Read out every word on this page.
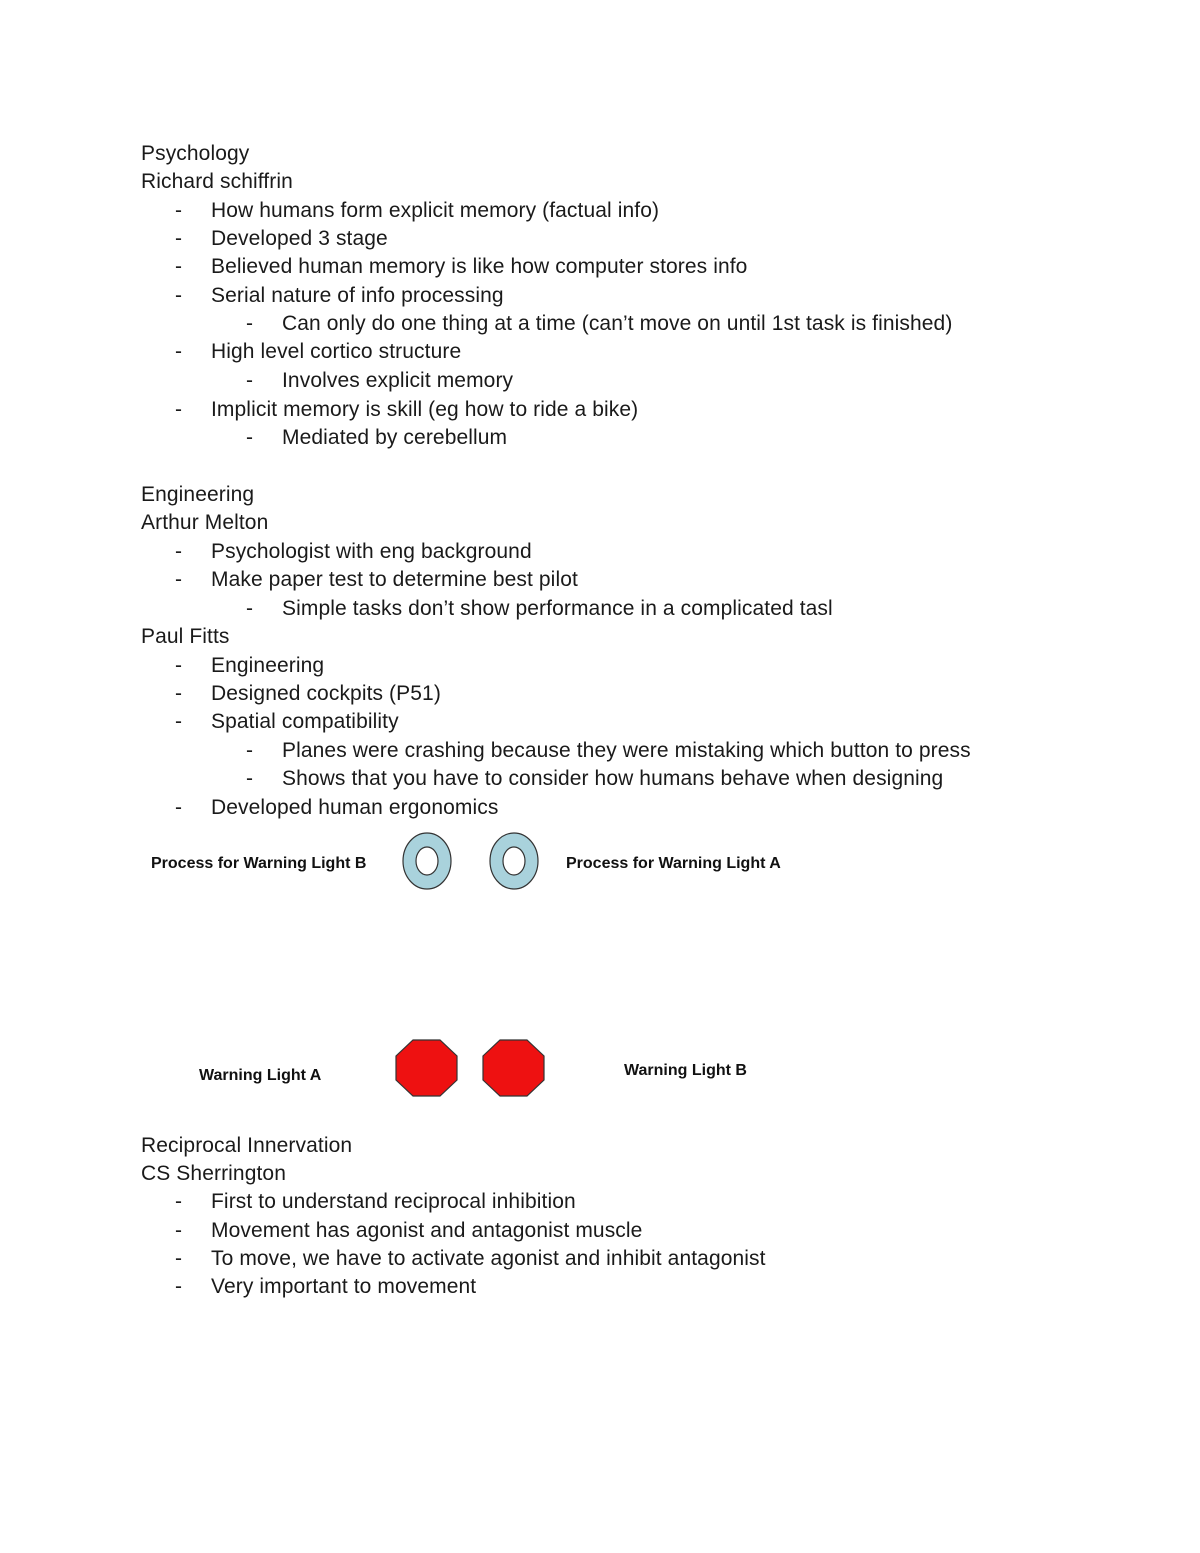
Psychology
Richard schiffrin
- How humans form explicit memory (factual info)
- Developed 3 stage
- Believed human memory is like how computer stores info
- Serial nature of info processing
- Can only do one thing at a time (can’t move on until 1st task is finished)
- High level cortico structure
- Involves explicit memory
- Implicit memory is skill (eg how to ride a bike)
- Mediated by cerebellum
Engineering
Arthur Melton
- Psychologist with eng background
- Make paper test to determine best pilot
- Simple tasks don’t show performance in a complicated tasl
Paul Fitts
- Engineering
- Designed cockpits (P51)
- Spatial compatibility
- Planes were crashing because they were mistaking which button to press
- Shows that you have to consider how humans behave when designing
- Developed human ergonomics
Process for Warning Light B	Process for Warning Light A
Warning Light A	Warning Light B
Reciprocal Innervation
CS Sherrington
- First to understand reciprocal inhibition
- Movement has agonist and antagonist muscle
- To move, we have to activate agonist and inhibit antagonist
- Very important to movement
